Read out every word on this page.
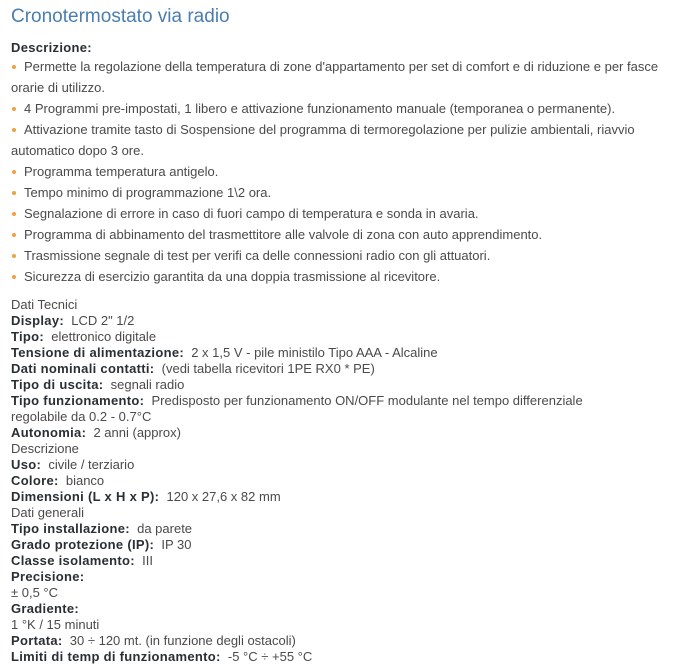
Cronotermostato via radio
Descrizione:
Permette la regolazione della temperatura di zone d'appartamento per set di comfort e di riduzione e per fasce orarie di utilizzo.
4 Programmi pre-impostati, 1 libero e attivazione funzionamento manuale (temporanea o permanente).
Attivazione tramite tasto di Sospensione del programma di termoregolazione per pulizie ambientali, riavvio automatico dopo 3 ore.
Programma temperatura antigelo.
Tempo minimo di programmazione 1\2 ora.
Segnalazione di errore in caso di fuori campo di temperatura e sonda in avaria.
Programma di abbinamento del trasmettitore alle valvole di zona con auto apprendimento.
Trasmissione segnale di test per verifi ca delle connessioni radio con gli attuatori.
Sicurezza di esercizio garantita da una doppia trasmissione al ricevitore.
Dati Tecnici
Display: LCD 2" 1/2
Tipo: elettronico digitale
Tensione di alimentazione: 2 x 1,5 V - pile ministilo Tipo AAA - Alcaline
Dati nominali contatti: (vedi tabella ricevitori 1PE RX0 * PE)
Tipo di uscita: segnali radio
Tipo funzionamento: Predisposto per funzionamento ON/OFF modulante nel tempo differenziale regolabile da 0.2 - 0.7°C
Autonomia: 2 anni (approx)
Descrizione
Uso: civile / terziario
Colore: bianco
Dimensioni (L x H x P): 120 x 27,6 x 82 mm
Dati generali
Tipo installazione: da parete
Grado protezione (IP): IP 30
Classe isolamento: III
Precisione:
± 0,5 °C
Gradiente:
1 °K / 15 minuti
Portata: 30 ÷ 120 mt. (in funzione degli ostacoli)
Limiti di temp di funzionamento: -5 °C ÷ +55 °C
